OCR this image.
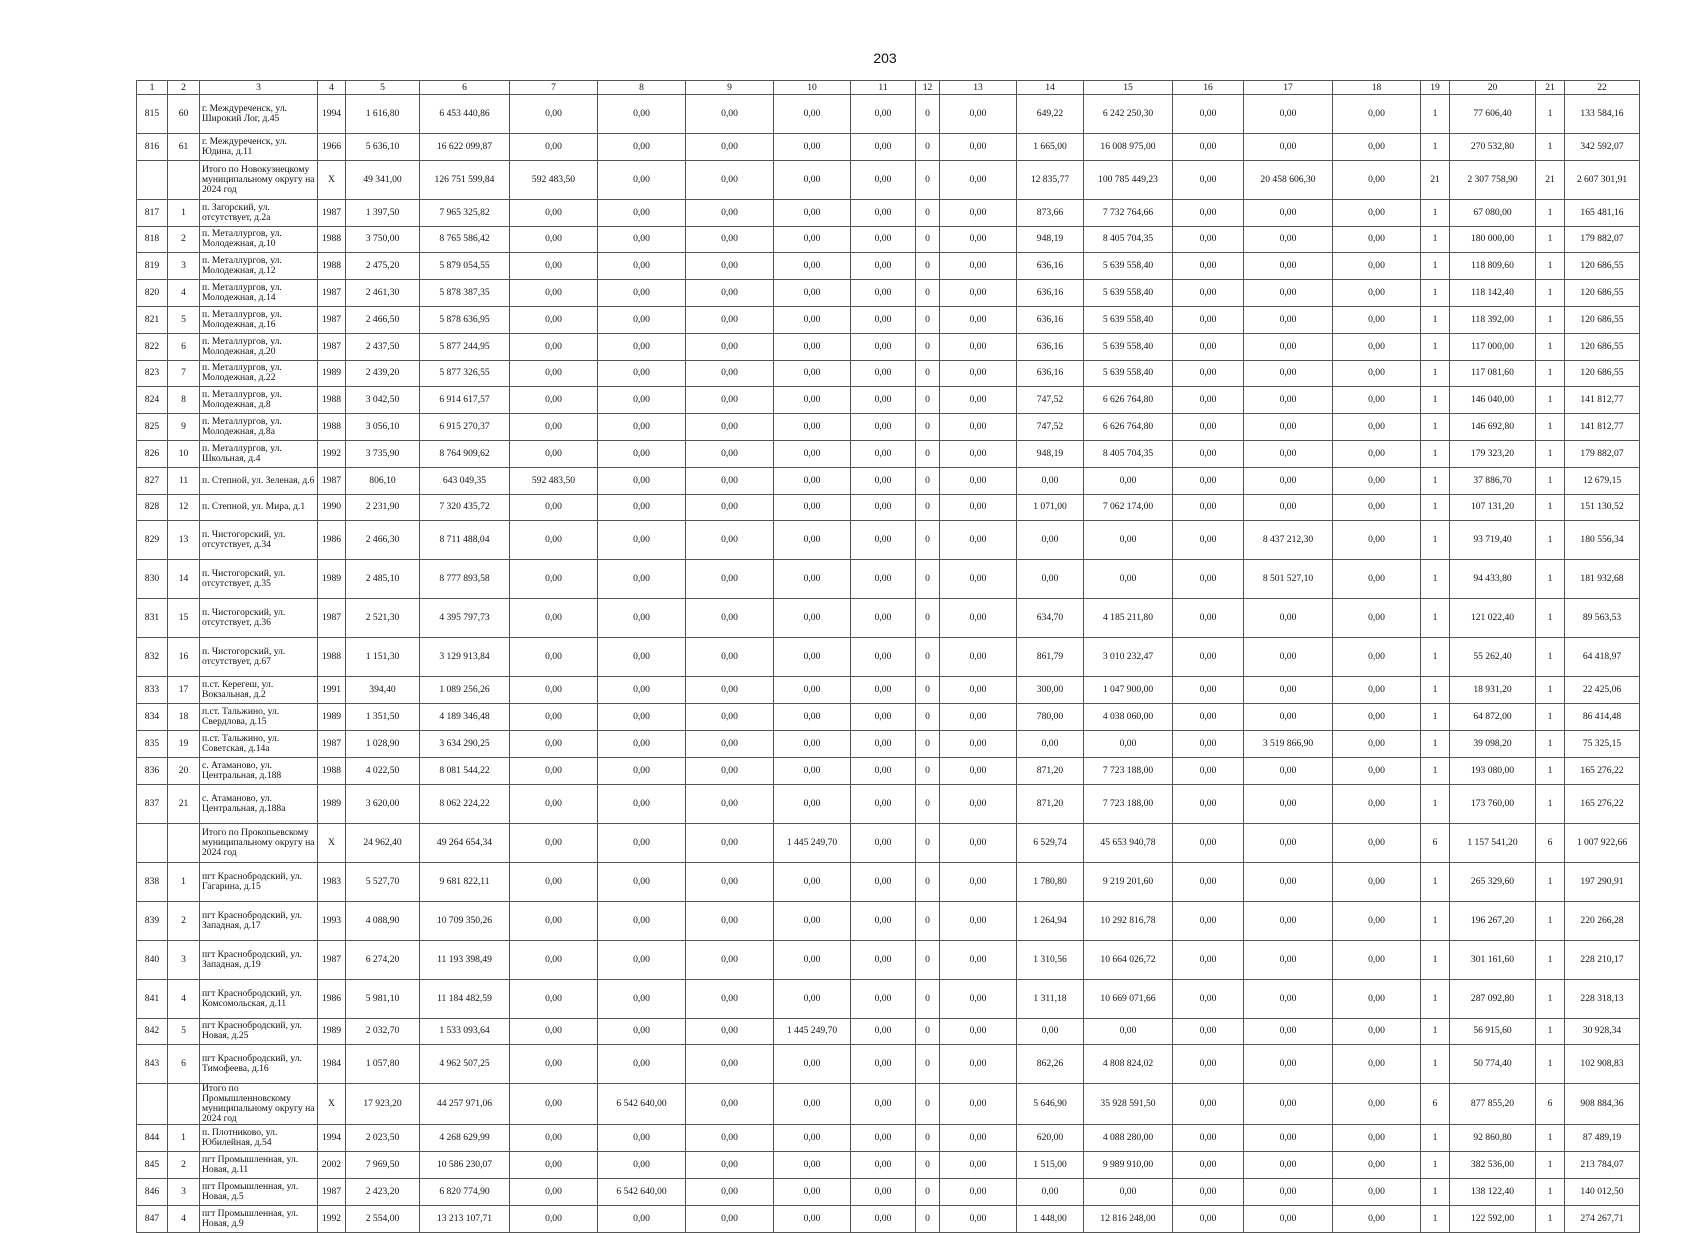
203
1	2	3	4	5	6	7	8	9	10	11	12	13	14	15	16	17	18	19	20	21	22
815	60	г. Междуреченск, ул. Широкий Лог, д.45	1994	1 616,80	6 453 440,86	0,00	0,00	0,00	0,00	0,00	0	0,00	649,22	6 242 250,30	0,00	0,00	0,00	1	77 606,40	1	133 584,16
816	61	г. Междуреченск, ул. Юдина, д.11	1966	5 636,10	16 622 099,87	0,00	0,00	0,00	0,00	0,00	0	0,00	1 665,00	16 008 975,00	0,00	0,00	0,00	1	270 532,80	1	342 592,07
		Итого по Новокузнецкому муниципальному округу на 2024 год	X	49 341,00	126 751 599,84	592 483,50	0,00	0,00	0,00	0,00	0	0,00	12 835,77	100 785 449,23	0,00	20 458 606,30	0,00	21	2 307 758,90	21	2 607 301,91
817	1	п. Загорский, ул. отсутствует, д.2а	1987	1 397,50	7 965 325,82	0,00	0,00	0,00	0,00	0,00	0	0,00	873,66	7 732 764,66	0,00	0,00	0,00	1	67 080,00	1	165 481,16
818	2	п. Металлургов, ул. Молодежная, д.10	1988	3 750,00	8 765 586,42	0,00	0,00	0,00	0,00	0,00	0	0,00	948,19	8 405 704,35	0,00	0,00	0,00	1	180 000,00	1	179 882,07
819	3	п. Металлургов, ул. Молодежная, д.12	1988	2 475,20	5 879 054,55	0,00	0,00	0,00	0,00	0,00	0	0,00	636,16	5 639 558,40	0,00	0,00	0,00	1	118 809,60	1	120 686,55
820	4	п. Металлургов, ул. Молодежная, д.14	1987	2 461,30	5 878 387,35	0,00	0,00	0,00	0,00	0,00	0	0,00	636,16	5 639 558,40	0,00	0,00	0,00	1	118 142,40	1	120 686,55
821	5	п. Металлургов, ул. Молодежная, д.16	1987	2 466,50	5 878 636,95	0,00	0,00	0,00	0,00	0,00	0	0,00	636,16	5 639 558,40	0,00	0,00	0,00	1	118 392,00	1	120 686,55
822	6	п. Металлургов, ул. Молодежная, д.20	1987	2 437,50	5 877 244,95	0,00	0,00	0,00	0,00	0,00	0	0,00	636,16	5 639 558,40	0,00	0,00	0,00	1	117 000,00	1	120 686,55
823	7	п. Металлургов, ул. Молодежная, д.22	1989	2 439,20	5 877 326,55	0,00	0,00	0,00	0,00	0,00	0	0,00	636,16	5 639 558,40	0,00	0,00	0,00	1	117 081,60	1	120 686,55
824	8	п. Металлургов, ул. Молодежная, д.8	1988	3 042,50	6 914 617,57	0,00	0,00	0,00	0,00	0,00	0	0,00	747,52	6 626 764,80	0,00	0,00	0,00	1	146 040,00	1	141 812,77
825	9	п. Металлургов, ул. Молодежная, д.8а	1988	3 056,10	6 915 270,37	0,00	0,00	0,00	0,00	0,00	0	0,00	747,52	6 626 764,80	0,00	0,00	0,00	1	146 692,80	1	141 812,77
826	10	п. Металлургов, ул. Школьная, д.4	1992	3 735,90	8 764 909,62	0,00	0,00	0,00	0,00	0,00	0	0,00	948,19	8 405 704,35	0,00	0,00	0,00	1	179 323,20	1	179 882,07
827	11	п. Степной, ул. Зеленая, д.6	1987	806,10	643 049,35	592 483,50	0,00	0,00	0,00	0,00	0	0,00	0,00	0,00	0,00	0,00	0,00	1	37 886,70	1	12 679,15
828	12	п. Степной, ул. Мира, д.1	1990	2 231,90	7 320 435,72	0,00	0,00	0,00	0,00	0,00	0	0,00	1 071,00	7 062 174,00	0,00	0,00	0,00	1	107 131,20	1	151 130,52
829	13	п. Чистогорский, ул. отсутствует, д.34	1986	2 466,30	8 711 488,04	0,00	0,00	0,00	0,00	0,00	0	0,00	0,00	0,00	0,00	8 437 212,30	0,00	1	93 719,40	1	180 556,34
830	14	п. Чистогорский, ул. отсутствует, д.35	1989	2 485,10	8 777 893,58	0,00	0,00	0,00	0,00	0,00	0	0,00	0,00	0,00	0,00	8 501 527,10	0,00	1	94 433,80	1	181 932,68
831	15	п. Чистогорский, ул. отсутствует, д.36	1987	2 521,30	4 395 797,73	0,00	0,00	0,00	0,00	0,00	0	0,00	634,70	4 185 211,80	0,00	0,00	0,00	1	121 022,40	1	89 563,53
832	16	п. Чистогорский, ул. отсутствует, д.67	1988	1 151,30	3 129 913,84	0,00	0,00	0,00	0,00	0,00	0	0,00	861,79	3 010 232,47	0,00	0,00	0,00	1	55 262,40	1	64 418,97
833	17	п.ст. Керегеш, ул. Вокзальная, д.2	1991	394,40	1 089 256,26	0,00	0,00	0,00	0,00	0,00	0	0,00	300,00	1 047 900,00	0,00	0,00	0,00	1	18 931,20	1	22 425,06
834	18	п.ст. Тальжино, ул. Свердлова, д.15	1989	1 351,50	4 189 346,48	0,00	0,00	0,00	0,00	0,00	0	0,00	780,00	4 038 060,00	0,00	0,00	0,00	1	64 872,00	1	86 414,48
835	19	п.ст. Тальжино, ул. Советская, д.14а	1987	1 028,90	3 634 290,25	0,00	0,00	0,00	0,00	0,00	0	0,00	0,00	0,00	0,00	3 519 866,90	0,00	1	39 098,20	1	75 325,15
836	20	с. Атаманово, ул. Центральная, д.188	1988	4 022,50	8 081 544,22	0,00	0,00	0,00	0,00	0,00	0	0,00	871,20	7 723 188,00	0,00	0,00	0,00	1	193 080,00	1	165 276,22
837	21	с. Атаманово, ул. Центральная, д.188а	1989	3 620,00	8 062 224,22	0,00	0,00	0,00	0,00	0,00	0	0,00	871,20	7 723 188,00	0,00	0,00	0,00	1	173 760,00	1	165 276,22
		Итого по Прокопьевскому муниципальному округу на 2024 год	X	24 962,40	49 264 654,34	0,00	0,00	0,00	1 445 249,70	0,00	0	0,00	6 529,74	45 653 940,78	0,00	0,00	0,00	6	1 157 541,20	6	1 007 922,66
838	1	пгт Краснобродский, ул. Гагарина, д.15	1983	5 527,70	9 681 822,11	0,00	0,00	0,00	0,00	0,00	0	0,00	1 780,80	9 219 201,60	0,00	0,00	0,00	1	265 329,60	1	197 290,91
839	2	пгт Краснобродский, ул. Западная, д.17	1993	4 088,90	10 709 350,26	0,00	0,00	0,00	0,00	0,00	0	0,00	1 264,94	10 292 816,78	0,00	0,00	0,00	1	196 267,20	1	220 266,28
840	3	пгт Краснобродский, ул. Западная, д.19	1987	6 274,20	11 193 398,49	0,00	0,00	0,00	0,00	0,00	0	0,00	1 310,56	10 664 026,72	0,00	0,00	0,00	1	301 161,60	1	228 210,17
841	4	пгт Краснобродский, ул. Комсомольская, д.11	1986	5 981,10	11 184 482,59	0,00	0,00	0,00	0,00	0,00	0	0,00	1 311,18	10 669 071,66	0,00	0,00	0,00	1	287 092,80	1	228 318,13
842	5	пгт Краснобродский, ул. Новая, д.25	1989	2 032,70	1 533 093,64	0,00	0,00	0,00	1 445 249,70	0,00	0	0,00	0,00	0,00	0,00	0,00	0,00	1	56 915,60	1	30 928,34
843	6	пгт Краснобродский, ул. Тимофеева, д.16	1984	1 057,80	4 962 507,25	0,00	0,00	0,00	0,00	0,00	0	0,00	862,26	4 808 824,02	0,00	0,00	0,00	1	50 774,40	1	102 908,83
		Итого по Промышленновскому муниципальному округу на 2024 год	X	17 923,20	44 257 971,06	0,00	6 542 640,00	0,00	0,00	0,00	0	0,00	5 646,90	35 928 591,50	0,00	0,00	0,00	6	877 855,20	6	908 884,36
844	1	п. Плотниково, ул. Юбилейная, д.54	1994	2 023,50	4 268 629,99	0,00	0,00	0,00	0,00	0,00	0	0,00	620,00	4 088 280,00	0,00	0,00	0,00	1	92 860,80	1	87 489,19
845	2	пгт Промышленная, ул. Новая, д.11	2002	7 969,50	10 586 230,07	0,00	0,00	0,00	0,00	0,00	0	0,00	1 515,00	9 989 910,00	0,00	0,00	0,00	1	382 536,00	1	213 784,07
846	3	пгт Промышленная, ул. Новая, д.5	1987	2 423,20	6 820 774,90	0,00	6 542 640,00	0,00	0,00	0,00	0	0,00	0,00	0,00	0,00	0,00	0,00	1	138 122,40	1	140 012,50
847	4	пгт Промышленная, ул. Новая, д.9	1992	2 554,00	13 213 107,71	0,00	0,00	0,00	0,00	0,00	0	0,00	1 448,00	12 816 248,00	0,00	0,00	0,00	1	122 592,00	1	274 267,71
